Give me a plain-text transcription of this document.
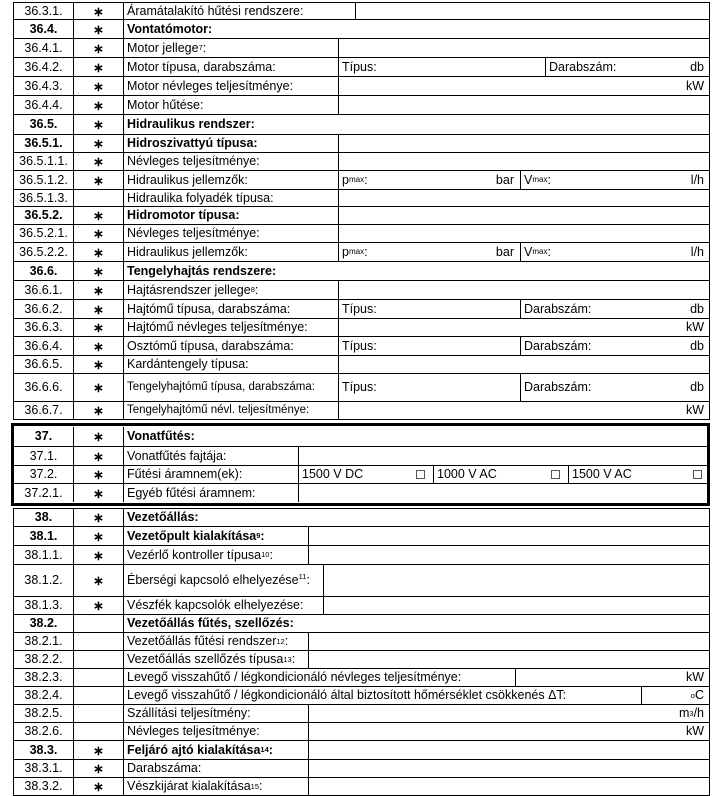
36.3.1.	∗	Áramátalakító hűtési rendszere:
36.4.	∗	Vontatómotor:
36.4.1.	∗	Motor jellege 7 :
36.4.2.	∗	Motor típusa, darabszáma:	Típus:	Darabszám:	db
36.4.3.	∗	Motor névleges teljesítménye:	kW
36.4.4.	∗	Motor hűtése:
36.5.	∗	Hidraulikus rendszer:
36.5.1.	∗	Hidroszivattyú típusa:
36.5.1.1.	∗	Névleges teljesítménye:
36.5.1.2.	∗	Hidraulikus jellemzők:	p max :	bar V max :	l/h
36.5.1.3.	Hidraulika folyadék típusa:
36.5.2.	∗	Hidromotor típusa:
36.5.2.1.	∗	Névleges teljesítménye:
36.5.2.2.	∗	Hidraulikus jellemzők:	p max :	bar V max :	l/h
36.6.	∗	Tengelyhajtás rendszere:
36.6.1.	∗	Hajtásrendszer jellege 8 :
36.6.2.	∗	Hajtómű típusa, darabszáma:	Típus:	Darabszám:	db
36.6.3.	∗	Hajtómű névleges teljesítménye:	kW
36.6.4.	∗	Osztómű típusa, darabszáma:	Típus:	Darabszám:	db
36.6.5.	∗	Kardántengely típusa:
36.6.6.	∗	Tengelyhajtómű típusa, darabszáma:	Típus:	Darabszám:	db
36.6.7.	∗	Tengelyhajtómű névl. teljesítménye:	kW
37.	∗	Vonatfűtés:
37.1.	∗	Vonatfűtés fajtája:
37.2.	∗	Fűtési áramnem(ek):	1500 V DC	1000 V AC	1500 V AC
37.2.1.	∗	Egyéb fűtési áramnem:
38.	∗	Vezetőállás:
38.1.	∗	Vezetőpult kialakítása 9 :
38.1.1.	∗	Vezérlő kontroller típusa 10 :
38.1.2.	∗	Éberségi kapcsoló elhelyezése$^{11}$:
38.1.3.	∗	Vészfék kapcsolók elhelyezése:
38.2.	Vezetőállás fűtés, szellőzés:
38.2.1.	Vezetőállás fűtési rendszer 12 :
38.2.2.	Vezetőállás szellőzés típusa 13 :
38.2.3.	Levegő visszahűtő / légkondicionáló névleges teljesítménye:	kW
38.2.4.	Levegő visszahűtő / légkondicionáló által biztosított hőmérséklet csökkenés ΔT:	o C
38.2.5.	Szállítási teljesítmény:	m 3 /h
38.2.6.	Névleges teljesítménye:	kW
38.3.	∗	Feljáró ajtó kialakítása 14 :
38.3.1.	∗	Darabszáma:
38.3.2.	∗	Vészkijárat kialakítása 15 :
